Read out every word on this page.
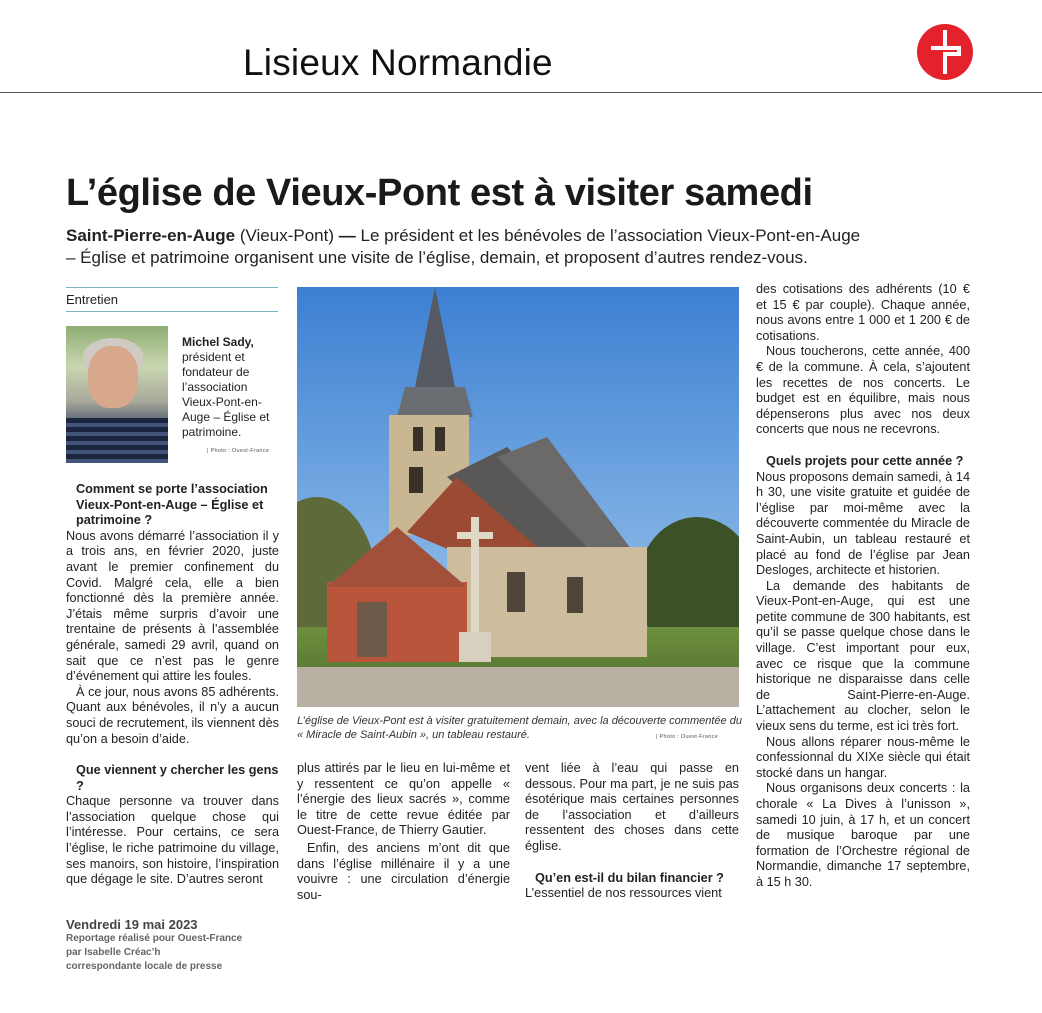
Lisieux Normandie
L’église de Vieux-Pont est à visiter samedi
Saint-Pierre-en-Auge (Vieux-Pont) — Le président et les bénévoles de l’association Vieux-Pont-en-Auge – Église et patrimoine organisent une visite de l’église, demain, et proposent d’autres rendez-vous.
Entretien
Michel Sady, président et fondateur de l’association Vieux-Pont-en-Auge – Église et patrimoine.
| Photo : Ouest-France

Comment se porte l’association Vieux-Pont-en-Auge – Église et patrimoine ?

Nous avons démarré l’association il y a trois ans, en février 2020, juste avant le premier confinement du Covid. Malgré cela, elle a bien fonctionné dès la première année. J’étais même surpris d’avoir une trentaine de présents à l’assemblée générale, samedi 29 avril, quand on sait que ce n’est pas le genre d’événement qui attire les foules.

À ce jour, nous avons 85 adhérents. Quant aux bénévoles, il n’y a aucun souci de recrutement, ils viennent dès qu’on a besoin d’aide.

Que viennent y chercher les gens ?

Chaque personne va trouver dans l’association quelque chose qui l’intéresse. Pour certains, ce sera l’église, le riche patrimoine du village, ses manoirs, son histoire, l’inspiration que dégage le site. D’autres seront

| Photo : Ouest-France
L’église de Vieux-Pont est à visiter gratuitement demain, avec la découverte commentée du « Miracle de Saint-Aubin », un tableau restauré.

plus attirés par le lieu en lui-même et y ressentent ce qu’on appelle « l’énergie des lieux sacrés », comme le titre de cette revue éditée par Ouest-France, de Thierry Gautier.

Enfin, des anciens m’ont dit que dans l’église millénaire il y a une vouivre : une circulation d’énergie sou-

vent liée à l’eau qui passe en dessous. Pour ma part, je ne suis pas ésotérique mais certaines personnes de l’association et d’ailleurs ressentent des choses dans cette église.

Qu’en est-il du bilan financier ?

L’essentiel de nos ressources vient

des cotisations des adhérents (10 € et 15 € par couple). Chaque année, nous avons entre 1 000 et 1 200 € de cotisations.

Nous toucherons, cette année, 400 € de la commune. À cela, s’ajoutent les recettes de nos concerts. Le budget est en équilibre, mais nous dépenserons plus avec nos deux concerts que nous ne recevrons.

Quels projets pour cette année ?

Nous proposons demain samedi, à 14 h 30, une visite gratuite et guidée de l’église par moi-même avec la découverte commentée du Miracle de Saint-Aubin, un tableau restauré et placé au fond de l’église par Jean Desloges, architecte et historien.

La demande des habitants de Vieux-Pont-en-Auge, qui est une petite commune de 300 habitants, est qu’il se passe quelque chose dans le village. C’est important pour eux, avec ce risque que la commune historique ne disparaisse dans celle de Saint-Pierre-en-Auge. L’attachement au clocher, selon le vieux sens du terme, est ici très fort.

Nous allons réparer nous-même le confessionnal du XIXe siècle qui était stocké dans un hangar.

Nous organisons deux concerts : la chorale « La Dives à l’unisson », samedi 10 juin, à 17 h, et un concert de musique baroque par une formation de l’Orchestre régional de Normandie, dimanche 17 septembre, à 15 h 30.

Vendredi 19 mai 2023
Reportage réalisé pour Ouest-France
par Isabelle Créac’h
correspondante locale de presse
